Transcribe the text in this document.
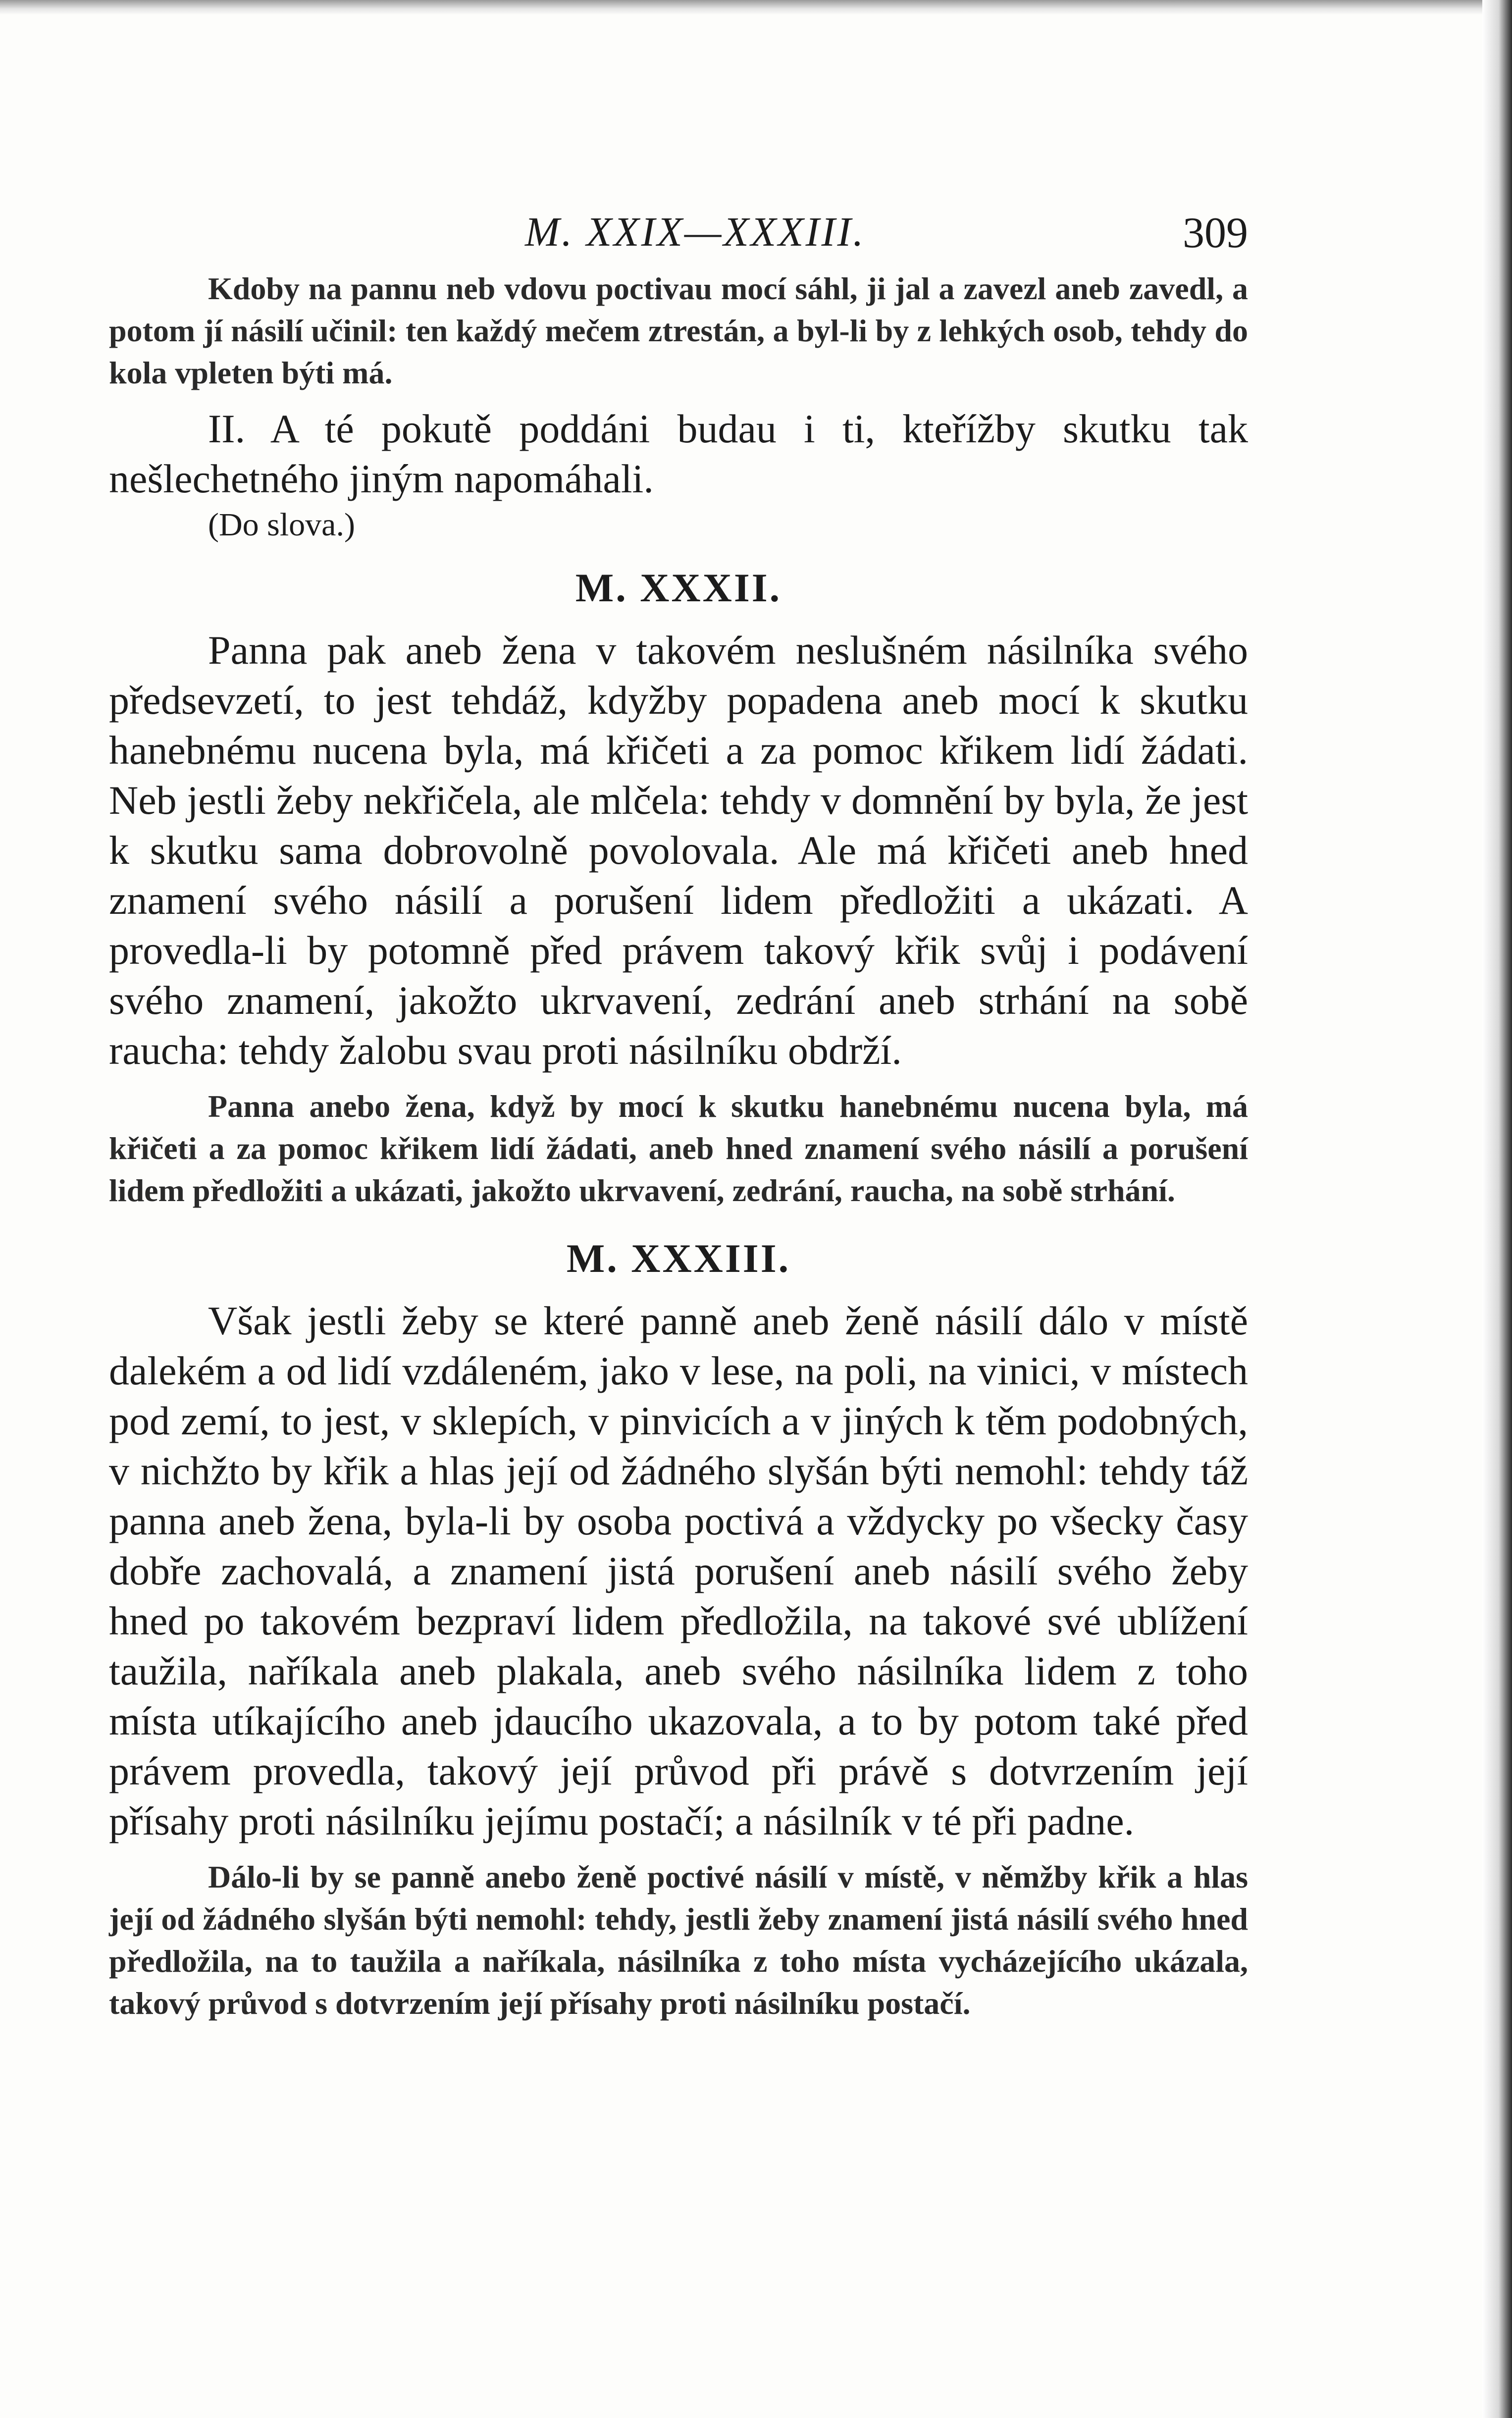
M. XXIX—XXXIII.	309

Kdoby na pannu neb vdovu poctivau mocí sáhl, ji jal a zavezl aneb zavedl, a potom jí násilí učinil: ten každý mečem ztrestán, a byl-li by z lehkých osob, tehdy do kola vpleten býti má.

II. A té pokutě poddáni budau i ti, kteřížby skutku tak nešlechetného jiným napomáhali.

(Do slova.)

M. XXXII.

Panna pak aneb žena v takovém neslušném násilníka svého předsevzetí, to jest tehdáž, kdyžby popadena aneb mocí k skutku hanebnému nucena byla, má křičeti a za pomoc křikem lidí žádati. Neb jestli žeby nekřičela, ale mlčela: tehdy v domnění by byla, že jest k skutku sama dobrovolně povolovala. Ale má křičeti aneb hned znamení svého násilí a porušení lidem předložiti a ukázati. A provedla-li by potomně před právem takový křik svůj i podávení svého znamení, jakožto ukrvavení, zedrání aneb strhání na sobě raucha: tehdy žalobu svau proti násilníku obdrží.

Panna anebo žena, když by mocí k skutku hanebnému nucena byla, má křičeti a za pomoc křikem lidí žádati, aneb hned znamení svého násilí a porušení lidem předložiti a ukázati, jakožto ukrvavení, zedrání, raucha, na sobě strhání.

M. XXXIII.

Však jestli žeby se které panně aneb ženě násilí dálo v místě dalekém a od lidí vzdáleném, jako v lese, na poli, na vinici, v místech pod zemí, to jest, v sklepích, v pinvicích a v jiných k těm podobných, v nichžto by křik a hlas její od žádného slyšán býti nemohl: tehdy táž panna aneb žena, byla-li by osoba poctivá a vždycky po všecky časy dobře zachovalá, a znamení jistá porušení aneb násilí svého žeby hned po takovém bezpraví lidem předložila, na takové své ublížení taužila, naříkala aneb plakala, aneb svého násilníka lidem z toho místa utíkajícího aneb jdaucího ukazovala, a to by potom také před právem provedla, takový její průvod při právě s dotvrzením její přísahy proti násilníku jejímu postačí; a násilník v té při padne.

Dálo-li by se panně anebo ženě poctivé násilí v místě, v němžby křik a hlas její od žádného slyšán býti nemohl: tehdy, jestli žeby znamení jistá násilí svého hned předložila, na to taužila a naříkala, násilníka z toho místa vycházejícího ukázala, takový průvod s dotvrzením její přísahy proti násilníku postačí.
